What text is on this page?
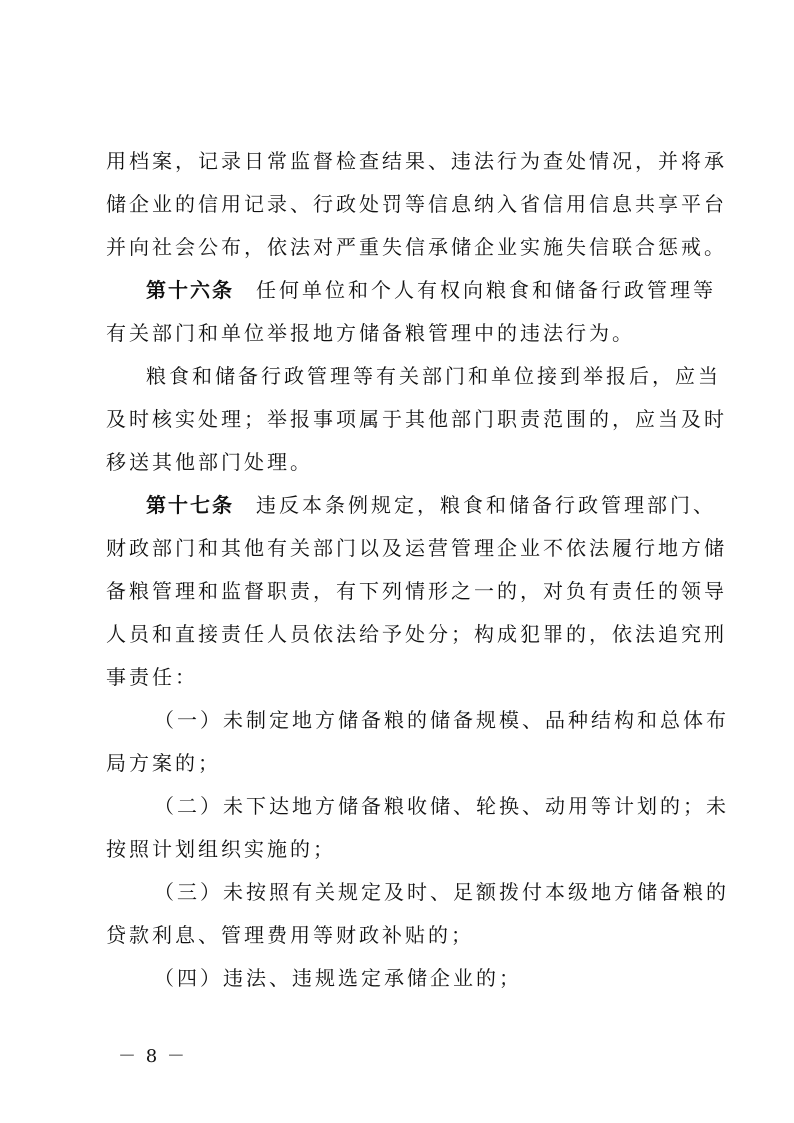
用档案，记录日常监督检查结果、违法行为查处情况，并将承
储企业的信用记录、行政处罚等信息纳入省信用信息共享平台
并向社会公布，依法对严重失信承储企业实施失信联合惩戒。
第十六条 任何单位和个人有权向粮食和储备行政管理等
有关部门和单位举报地方储备粮管理中的违法行为。
粮食和储备行政管理等有关部门和单位接到举报后，应当
及时核实处理；举报事项属于其他部门职责范围的，应当及时
移送其他部门处理。
第十七条 违反本条例规定，粮食和储备行政管理部门、
财政部门和其他有关部门以及运营管理企业不依法履行地方储
备粮管理和监督职责，有下列情形之一的，对负有责任的领导
人员和直接责任人员依法给予处分；构成犯罪的，依法追究刑
事责任：
（一）未制定地方储备粮的储备规模、品种结构和总体布
局方案的；
（二）未下达地方储备粮收储、轮换、动用等计划的；未
按照计划组织实施的；
（三）未按照有关规定及时、足额拨付本级地方储备粮的
贷款利息、管理费用等财政补贴的；
（四）违法、违规选定承储企业的；
－ 8 －
